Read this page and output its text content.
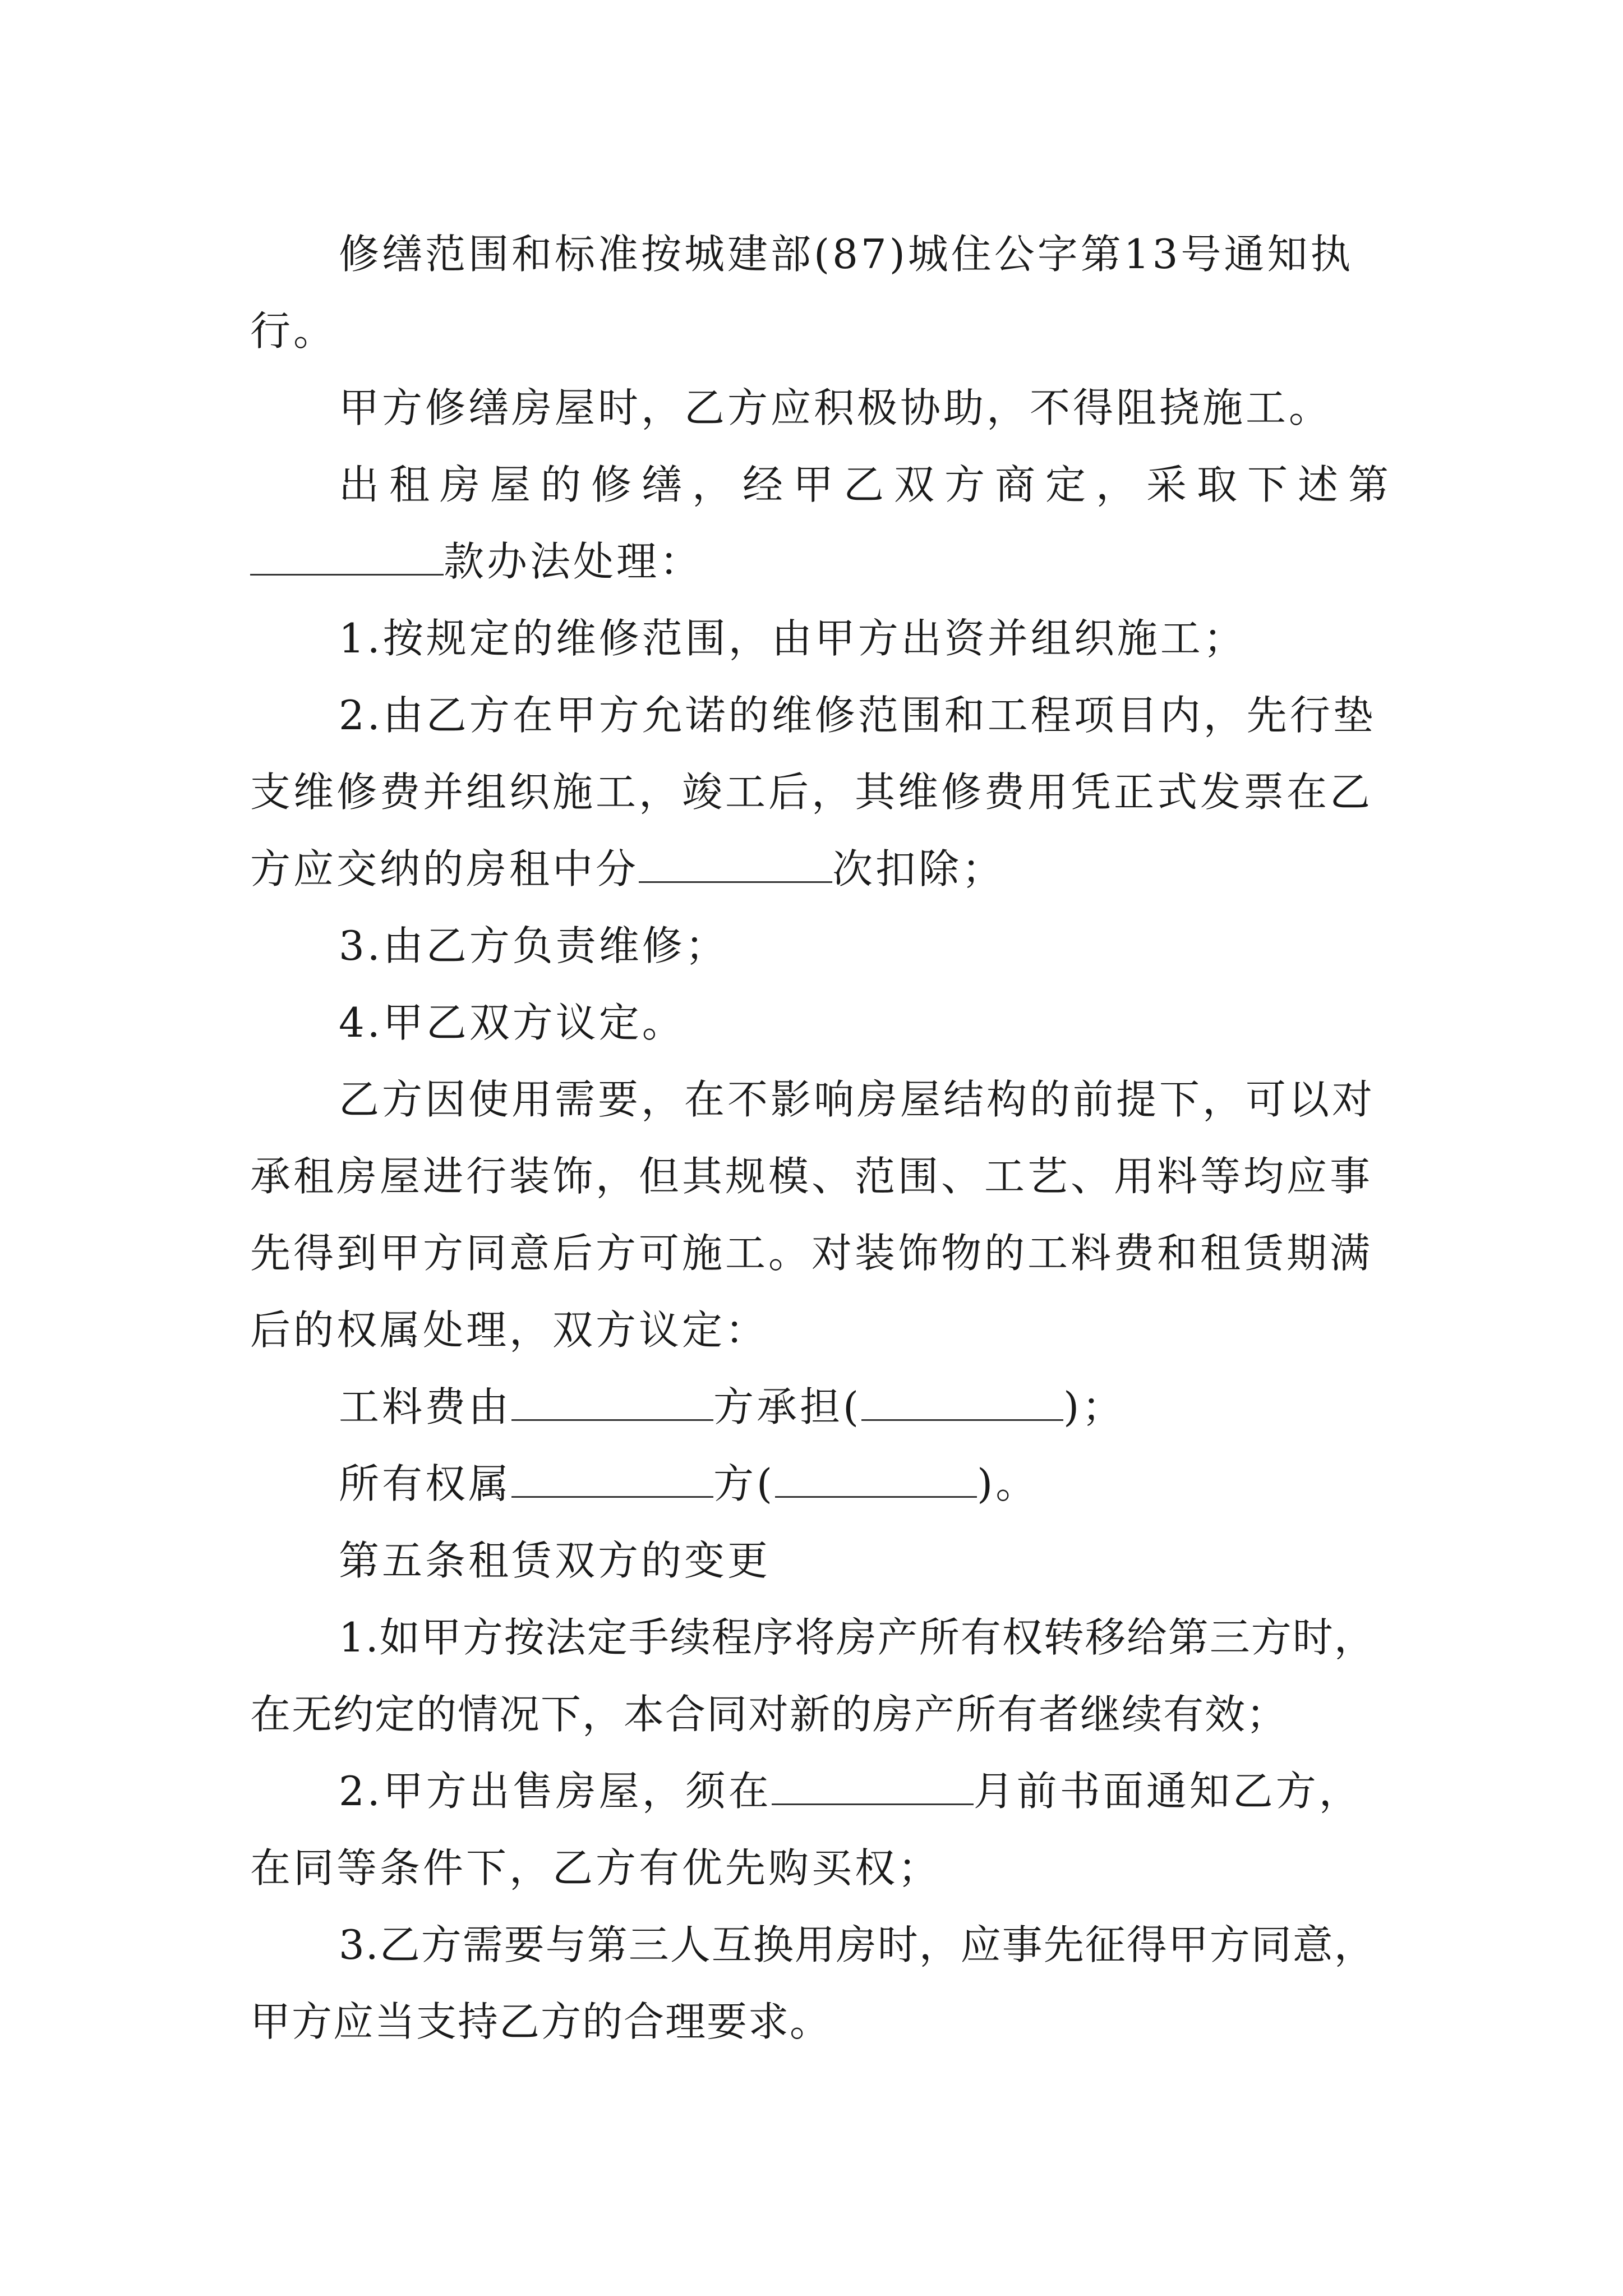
修缮范围和标准按城建部(87)城住公字第13号通知执行。

甲方修缮房屋时，乙方应积极协助，不得阻挠施工。

出租房屋的修缮，经甲乙双方商定，采取下述第

款办法处理：

1.按规定的维修范围，由甲方出资并组织施工；

2.由乙方在甲方允诺的维修范围和工程项目内，先行垫支维修费并组织施工，竣工后，其维修费用凭正式发票在乙方应交纳的房租中分	次扣除；

3.由乙方负责维修；

4.甲乙双方议定。

乙方因使用需要，在不影响房屋结构的前提下，可以对承租房屋进行装饰，但其规模、范围、工艺、用料等均应事先得到甲方同意后方可施工。对装饰物的工料费和租赁期满后的权属处理，双方议定：

工料费由	方承担(	)；

所有权属	方(	)。

第五条租赁双方的变更

1.如甲方按法定手续程序将房产所有权转移给第三方时，在无约定的情况下，本合同对新的房产所有者继续有效；

2.甲方出售房屋，须在	月前书面通知乙方，在同等条件下，乙方有优先购买权；

3.乙方需要与第三人互换用房时，应事先征得甲方同意，甲方应当支持乙方的合理要求。
